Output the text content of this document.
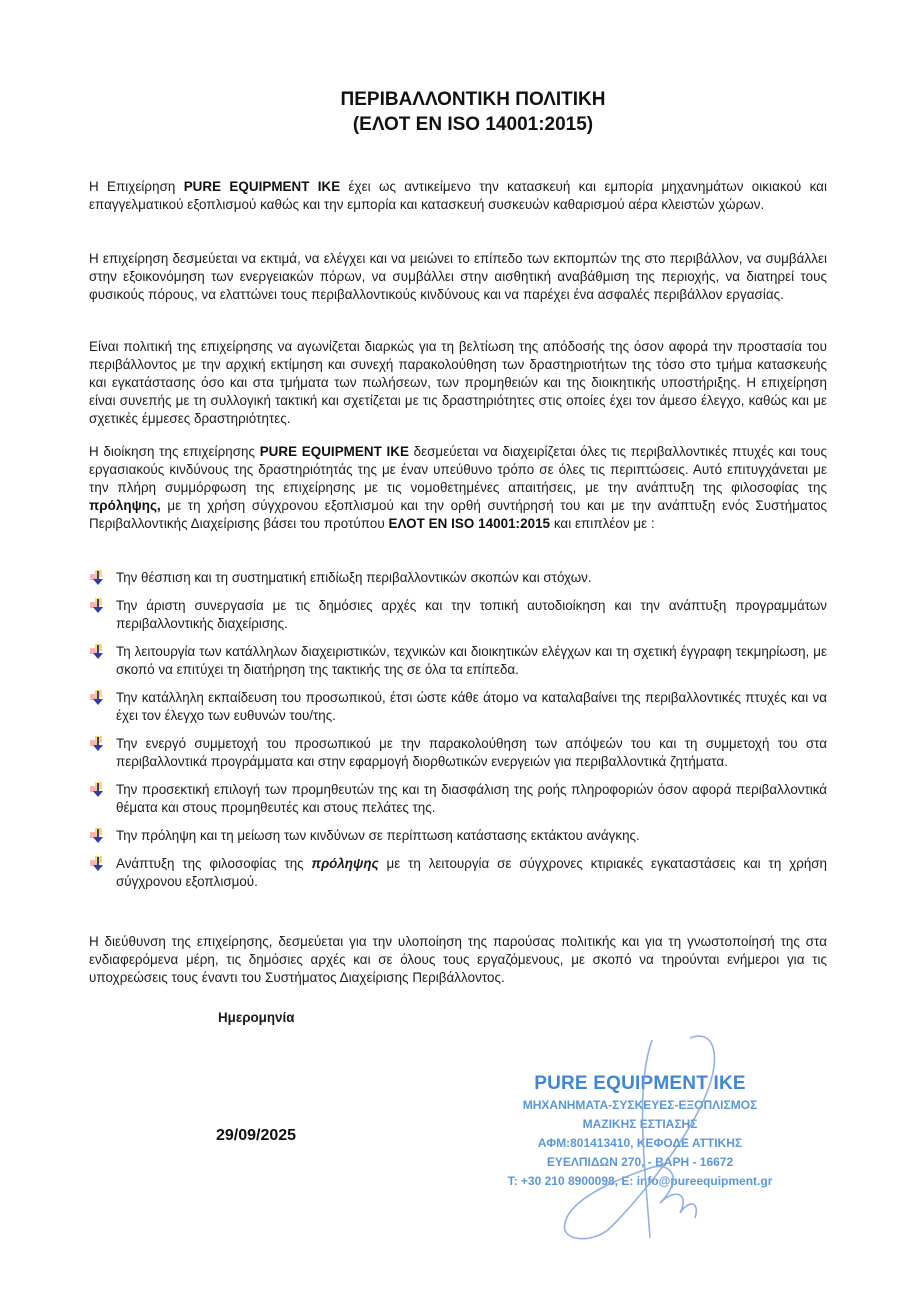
ΠΕΡΙΒΑΛΛΟΝΤΙΚΗ ΠΟΛΙΤΙΚΗ
(ΕΛΟΤ ΕΝ ISO 14001:2015)
Η Επιχείρηση PURE EQUIPMENT IKE έχει ως αντικείμενο την κατασκευή και εμπορία μηχανημάτων οικιακού και επαγγελματικού εξοπλισμού καθώς και την εμπορία και κατασκευή συσκευών καθαρισμού αέρα κλειστών χώρων.
Η επιχείρηση δεσμεύεται να εκτιμά, να ελέγχει και να μειώνει το επίπεδο των εκπομπών της στο περιβάλλον, να συμβάλλει στην εξοικονόμηση των ενεργειακών πόρων, να συμβάλλει στην αισθητική αναβάθμιση της περιοχής, να διατηρεί τους φυσικούς πόρους, να ελαττώνει τους περιβαλλοντικούς κινδύνους και να παρέχει ένα ασφαλές περιβάλλον εργασίας.
Είναι πολιτική της επιχείρησης να αγωνίζεται διαρκώς για τη βελτίωση της απόδοσής της όσον αφορά την προστασία του περιβάλλοντος με την αρχική εκτίμηση και συνεχή παρακολούθηση των δραστηριοτήτων της τόσο στο τμήμα κατασκευής και εγκατάστασης όσο και στα τμήματα των πωλήσεων, των προμηθειών και της διοικητικής υποστήριξης. Η επιχείρηση είναι συνεπής με τη συλλογική τακτική και σχετίζεται με τις δραστηριότητες στις οποίες έχει τον άμεσο έλεγχο, καθώς και με σχετικές έμμεσες δραστηριότητες.
Η διοίκηση της επιχείρησης PURE EQUIPMENT IKE δεσμεύεται να διαχειρίζεται όλες τις περιβαλλοντικές πτυχές και τους εργασιακούς κινδύνους της δραστηριότητάς της με έναν υπεύθυνο τρόπο σε όλες τις περιπτώσεις. Αυτό επιτυγχάνεται με την πλήρη συμμόρφωση της επιχείρησης με τις νομοθετημένες απαιτήσεις, με την ανάπτυξη της φιλοσοφίας της πρόληψης, με τη χρήση σύγχρονου εξοπλισμού και την ορθή συντήρησή του και με την ανάπτυξη ενός Συστήματος Περιβαλλοντικής Διαχείρισης βάσει του προτύπου ΕΛΟΤ ΕΝ ISO 14001:2015 και επιπλέον με :
Την θέσπιση και τη συστηματική επιδίωξη περιβαλλοντικών σκοπών και στόχων.
Την άριστη συνεργασία με τις δημόσιες αρχές και την τοπική αυτοδιοίκηση και την ανάπτυξη προγραμμάτων περιβαλλοντικής διαχείρισης.
Τη λειτουργία των κατάλληλων διαχειριστικών, τεχνικών και διοικητικών ελέγχων και τη σχετική έγγραφη τεκμηρίωση, με σκοπό να επιτύχει τη διατήρηση της τακτικής της σε όλα τα επίπεδα.
Την κατάλληλη εκπαίδευση του προσωπικού, έτσι ώστε κάθε άτομο να καταλαβαίνει της περιβαλλοντικές πτυχές και να έχει τον έλεγχο των ευθυνών του/της.
Την ενεργό συμμετοχή του προσωπικού με την παρακολούθηση των απόψεών του και τη συμμετοχή του στα περιβαλλοντικά προγράμματα και στην εφαρμογή διορθωτικών ενεργειών για περιβαλλοντικά ζητήματα.
Την προσεκτική επιλογή των προμηθευτών της και τη διασφάλιση της ροής πληροφοριών όσον αφορά περιβαλλοντικά θέματα και στους προμηθευτές και στους πελάτες της.
Την πρόληψη και τη μείωση των κινδύνων σε περίπτωση κατάστασης εκτάκτου ανάγκης.
Ανάπτυξη της φιλοσοφίας της πρόληψης με τη λειτουργία σε σύγχρονες κτιριακές εγκαταστάσεις και τη χρήση σύγχρονου εξοπλισμού.
Η διεύθυνση της επιχείρησης, δεσμεύεται για την υλοποίηση της παρούσας πολιτικής και για τη γνωστοποίησή της στα ενδιαφερόμενα μέρη, τις δημόσιες αρχές και σε όλους τους εργαζόμενους, με σκοπό να τηρούνται ενήμεροι για τις υποχρεώσεις τους έναντι του Συστήματος Διαχείρισης Περιβάλλοντος.
Ημερομηνία
29/09/2025
PURE EQUIPMENT IKE
ΜΗΧΑΝΗΜΑΤΑ-ΣΥΣΚΕΥΕΣ-ΕΞΟΠΛΙΣΜΟΣ
ΜΑΖΙΚΗΣ ΕΣΤΙΑΣΗΣ
ΑΦΜ:801413410, ΚΕΦΟΔΕ ΑΤΤΙΚΗΣ
ΕΥΕΛΠΙΔΩΝ 270, - ΒΑΡΗ - 16672
T: +30 210 8900098, E: info@pureequipment.gr
